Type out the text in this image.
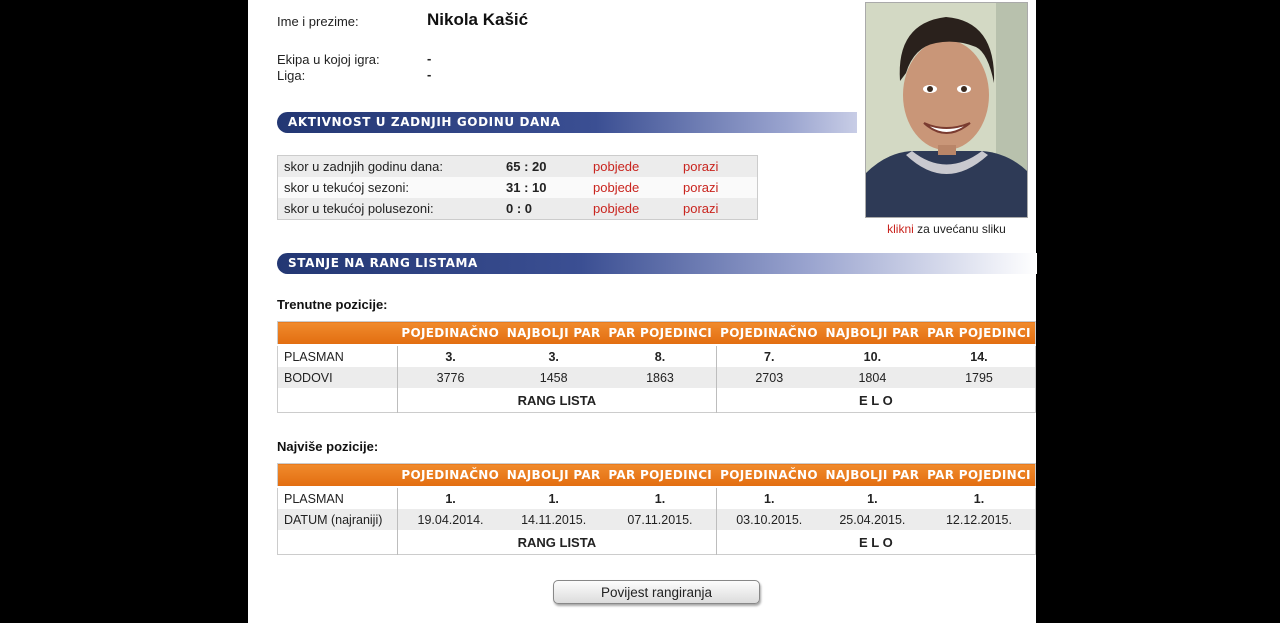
Ime i prezime:	Nikola Kašić
Ekipa u kojoj igra:	-
Liga:	-
klikni za uvećanu sliku
AKTIVNOST U ZADNJIH GODINU DANA
skor u zadnjih godinu dana:	65 : 20	pobjede	porazi
skor u tekućoj sezoni:	31 : 10	pobjede	porazi
skor u tekućoj polusezoni:	0 : 0	pobjede	porazi
STANJE NA RANG LISTAMA
Trenutne pozicije:
	POJEDINAČNO	NAJBOLJI PAR	PAR POJEDINCI	POJEDINAČNO	NAJBOLJI PAR	PAR POJEDINCI
PLASMAN	3.	3.	8.	7.	10.	14.
BODOVI	3776	1458	1863	2703	1804	1795
	RANG LISTA			E L O		
Najviše pozicije:
	POJEDINAČNO	NAJBOLJI PAR	PAR POJEDINCI	POJEDINAČNO	NAJBOLJI PAR	PAR POJEDINCI
PLASMAN	1.	1.	1.	1.	1.	1.
DATUM (najraniji)	19.04.2014.	14.11.2015.	07.11.2015.	03.10.2015.	25.04.2015.	12.12.2015.
	RANG LISTA			E L O		
Povijest rangiranja
